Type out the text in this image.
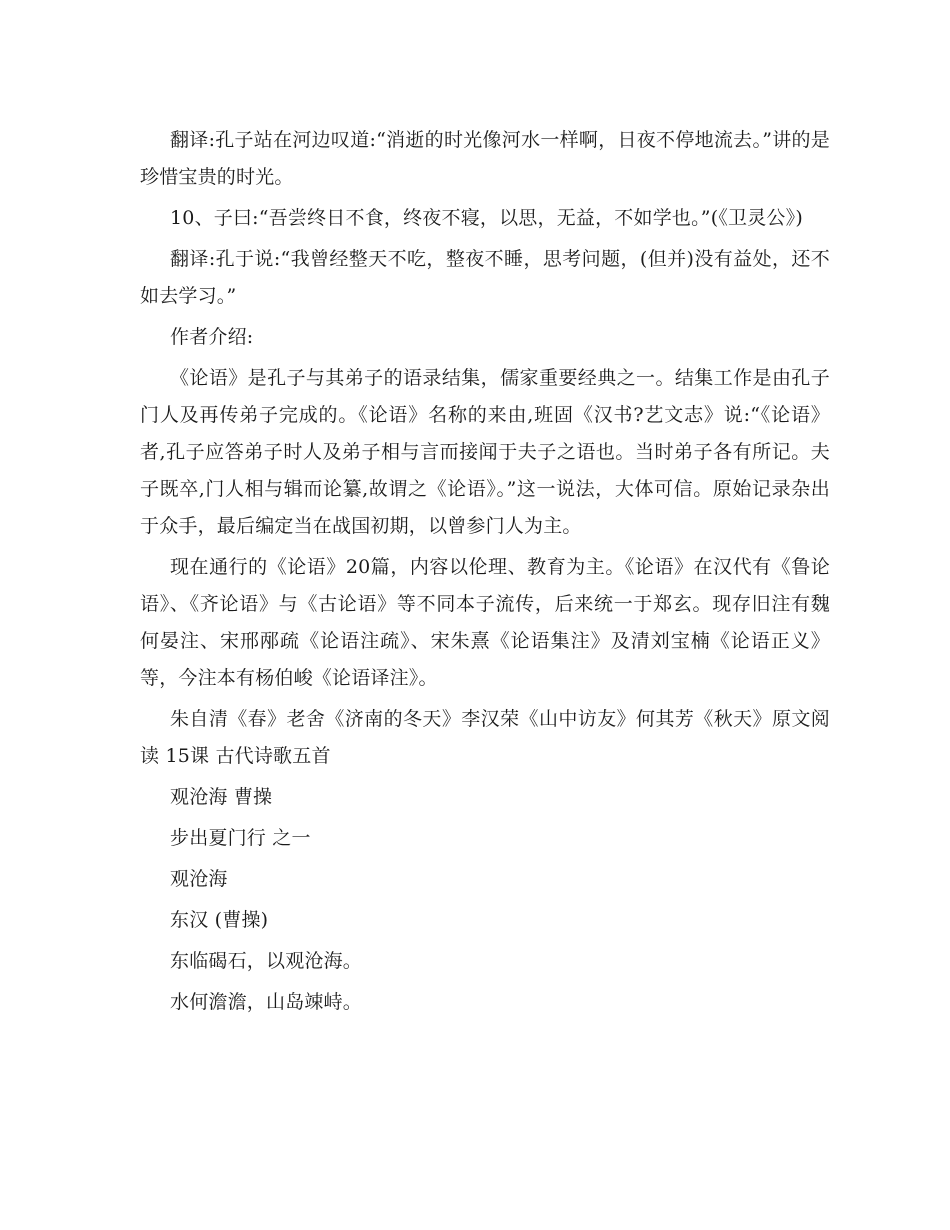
翻译:孔子站在河边叹道:“消逝的时光像河水一样啊，日夜不停地流去。”讲的是珍惜宝贵的时光。

10、子曰:“吾尝终日不食，终夜不寝，以思，无益，不如学也。”(《卫灵公》)

翻译:孔于说:“我曾经整天不吃，整夜不睡，思考问题，(但并)没有益处，还不如去学习。”

作者介绍:

《论语》是孔子与其弟子的语录结集，儒家重要经典之一。结集工作是由孔子门人及再传弟子完成的。《论语》名称的来由,班固《汉书?艺文志》说:“《论语》者,孔子应答弟子时人及弟子相与言而接闻于夫子之语也。当时弟子各有所记。夫子既卒,门人相与辑而论纂,故谓之《论语》。”这一说法，大体可信。原始记录杂出于众手，最后编定当在战国初期，以曾参门人为主。

现在通行的《论语》20篇，内容以伦理、教育为主。《论语》在汉代有《鲁论语》、《齐论语》与《古论语》等不同本子流传，后来统一于郑玄。现存旧注有魏何晏注、宋邢邴疏《论语注疏》、宋朱熹《论语集注》及清刘宝楠《论语正义》等，今注本有杨伯峻《论语译注》。

朱自清《春》老舍《济南的冬天》李汉荣《山中访友》何其芳《秋天》原文阅读 15课 古代诗歌五首

观沧海 曹操

步出夏门行 之一

观沧海

东汉 (曹操)

东临碣石，以观沧海。

水何澹澹，山岛竦峙。
